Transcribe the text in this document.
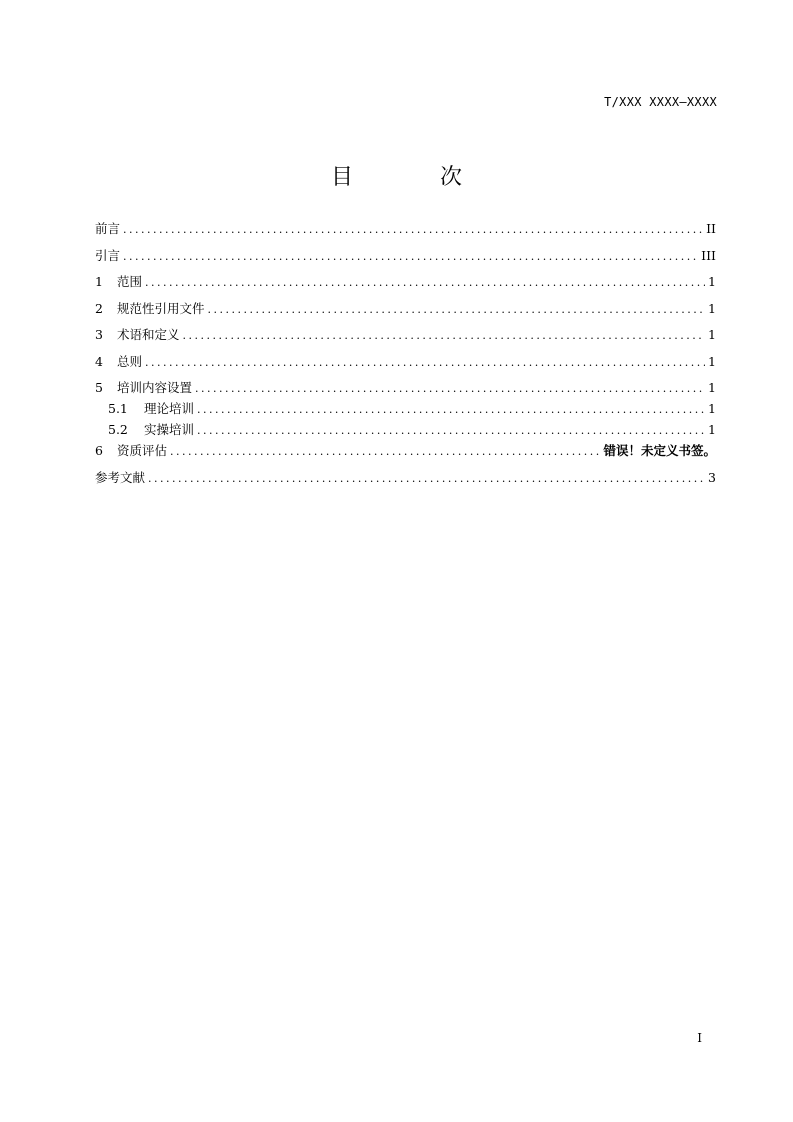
T/XXX XXXX—XXXX
目 次
前言 .....	II
引言 .....	III
1	范围 .....	1
2	规范性引用文件 .....	1
3	术语和定义 .....	1
4	总则 .....	1
5	培训内容设置 .....	1
5.1	理论培训 .....	1
5.2	实操培训 .....	1
6	资质评估 .....	错误！未定义书签。
参考文献 .....	3
I
